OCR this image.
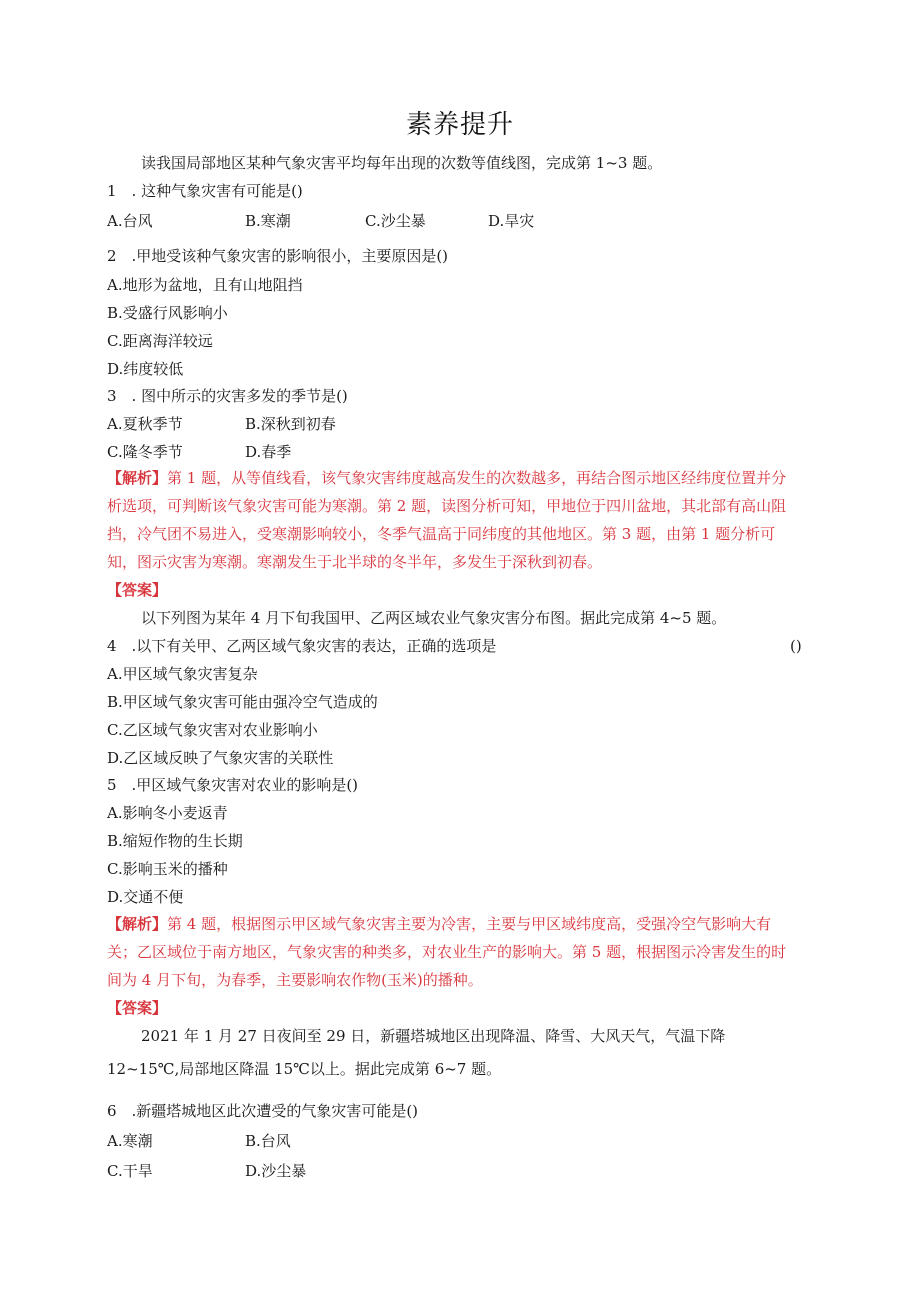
素养提升
读我国局部地区某种气象灾害平均每年出现的次数等值线图，完成第 1~3 题。
1　. 这种气象灾害有可能是()
A.台风	B.寒潮	C.沙尘暴	D.旱灾
2　.甲地受该种气象灾害的影响很小，主要原因是()
A.地形为盆地，且有山地阻挡
B.受盛行风影响小
C.距离海洋较远
D.纬度较低
3　. 图中所示的灾害多发的季节是()
A.夏秋季节	B.深秋到初春
C.隆冬季节	D.春季
【解析】第 1 题，从等值线看，该气象灾害纬度越高发生的次数越多，再结合图示地区经纬度位置并分
析选项，可判断该气象灾害可能为寒潮。第 2 题，读图分析可知，甲地位于四川盆地，其北部有高山阻
挡，冷气团不易进入，受寒潮影响较小，冬季气温高于同纬度的其他地区。第 3 题，由第 1 题分析可
知，图示灾害为寒潮。寒潮发生于北半球的冬半年，多发生于深秋到初春。
【答案】
以下列图为某年 4 月下旬我国甲、乙两区域农业气象灾害分布图。据此完成第 4~5 题。
4　.以下有关甲、乙两区域气象灾害的表达，正确的选项是	()
A.甲区域气象灾害复杂
B.甲区域气象灾害可能由强冷空气造成的
C.乙区域气象灾害对农业影响小
D.乙区域反映了气象灾害的关联性
5　.甲区域气象灾害对农业的影响是()
A.影响冬小麦返青
B.缩短作物的生长期
C.影响玉米的播种
D.交通不便
【解析】第 4 题，根据图示甲区域气象灾害主要为冷害，主要与甲区域纬度高，受强冷空气影响大有
关；乙区域位于南方地区，气象灾害的种类多，对农业生产的影响大。第 5 题，根据图示冷害发生的时
间为 4 月下旬，为春季，主要影响农作物(玉米)的播种。
【答案】
2021 年 1 月 27 日夜间至 29 日，新疆塔城地区出现降温、降雪、大风天气，气温下降
12~15℃,局部地区降温 15℃以上。据此完成第 6~7 题。
6　.新疆塔城地区此次遭受的气象灾害可能是()
A.寒潮	B.台风
C.干旱	D.沙尘暴
